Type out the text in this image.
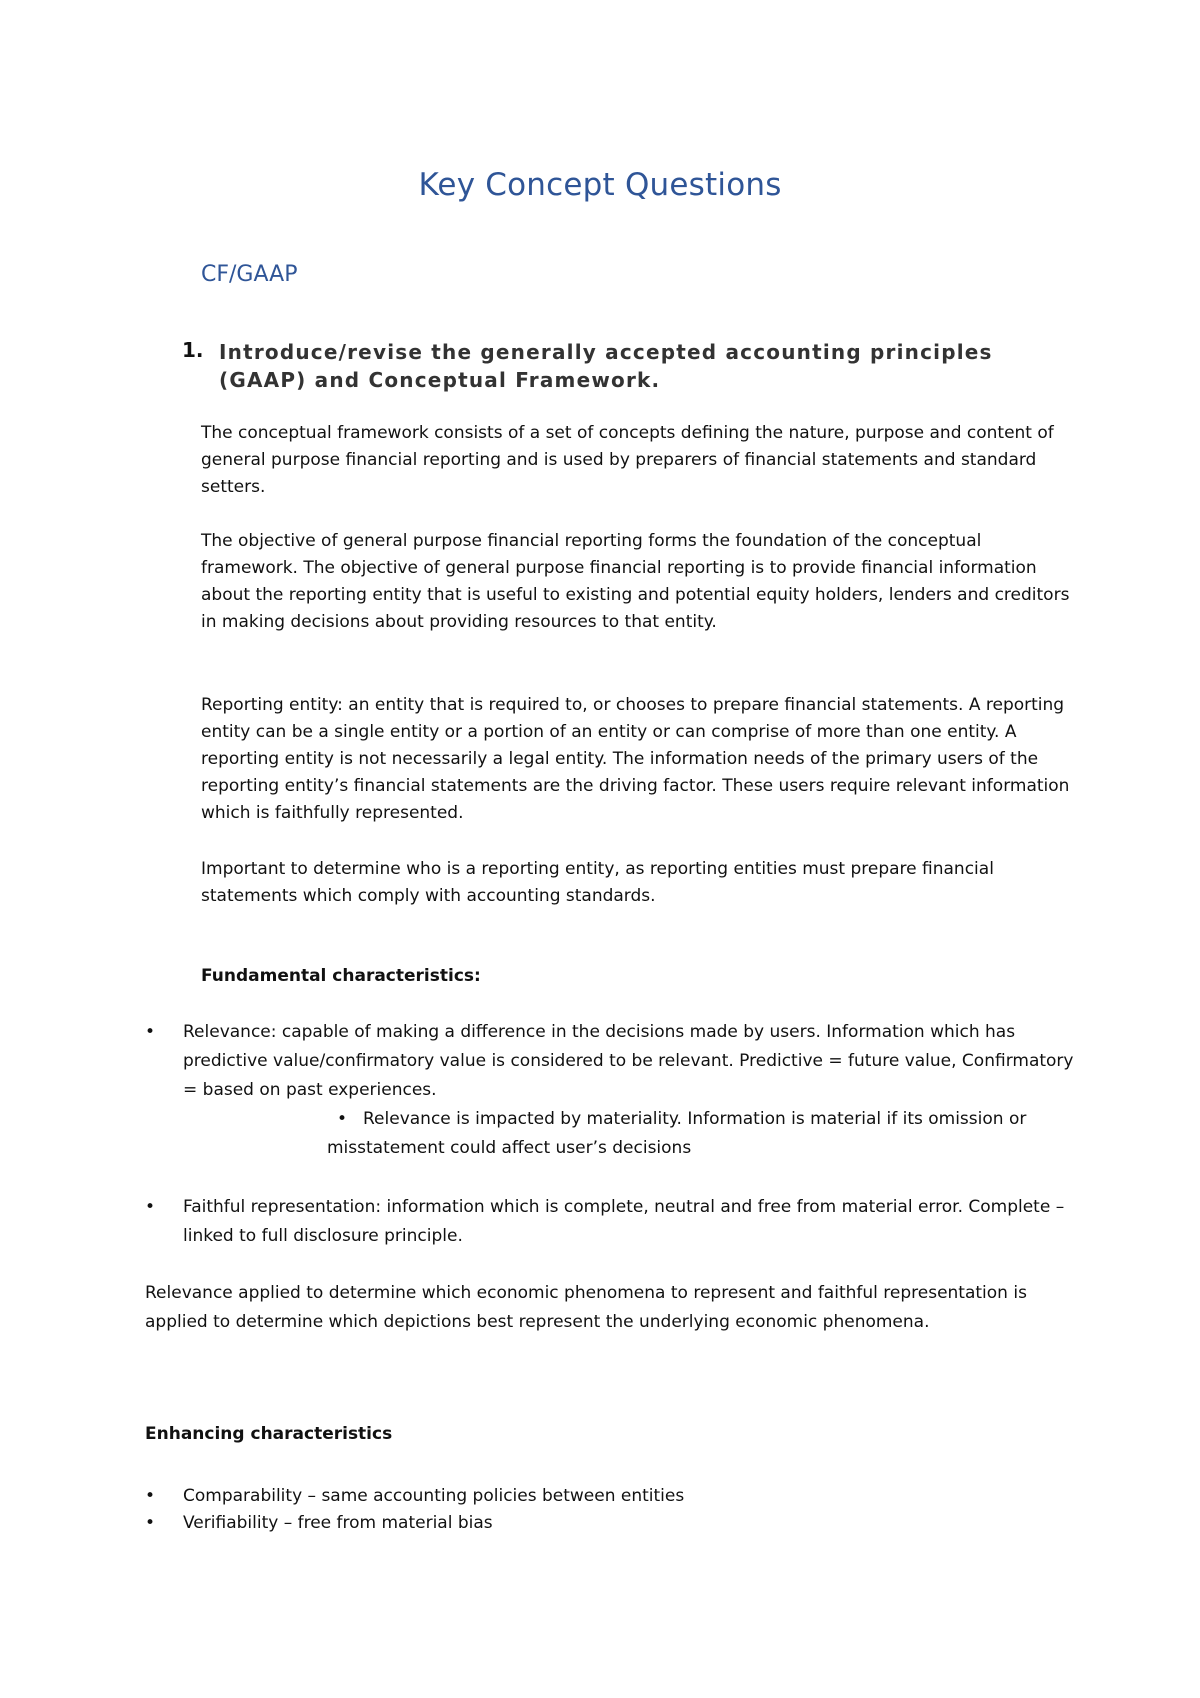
Key Concept Questions
CF/GAAP
1. Introduce/revise the generally accepted accounting principles (GAAP) and Conceptual Framework.

The conceptual framework consists of a set of concepts defining the nature, purpose and content of general purpose financial reporting and is used by preparers of financial statements and standard setters.

The objective of general purpose financial reporting forms the foundation of the conceptual framework. The objective of general purpose financial reporting is to provide financial information about the reporting entity that is useful to existing and potential equity holders, lenders and creditors in making decisions about providing resources to that entity.

Reporting entity: an entity that is required to, or chooses to prepare financial statements. A reporting entity can be a single entity or a portion of an entity or can comprise of more than one entity. A reporting entity is not necessarily a legal entity. The information needs of the primary users of the reporting entity’s financial statements are the driving factor. These users require relevant information which is faithfully represented.

Important to determine who is a reporting entity, as reporting entities must prepare financial statements which comply with accounting standards.

Fundamental characteristics:
• Relevance: capable of making a difference in the decisions made by users. Information which has predictive value/confirmatory value is considered to be relevant. Predictive = future value, Confirmatory = based on past experiences.
• Relevance is impacted by materiality. Information is material if its omission or misstatement could affect user’s decisions
• Faithful representation: information which is complete, neutral and free from material error. Complete – linked to full disclosure principle.

Relevance applied to determine which economic phenomena to represent and faithful representation is applied to determine which depictions best represent the underlying economic phenomena.

Enhancing characteristics
• Comparability – same accounting policies between entities
• Verifiability – free from material bias
